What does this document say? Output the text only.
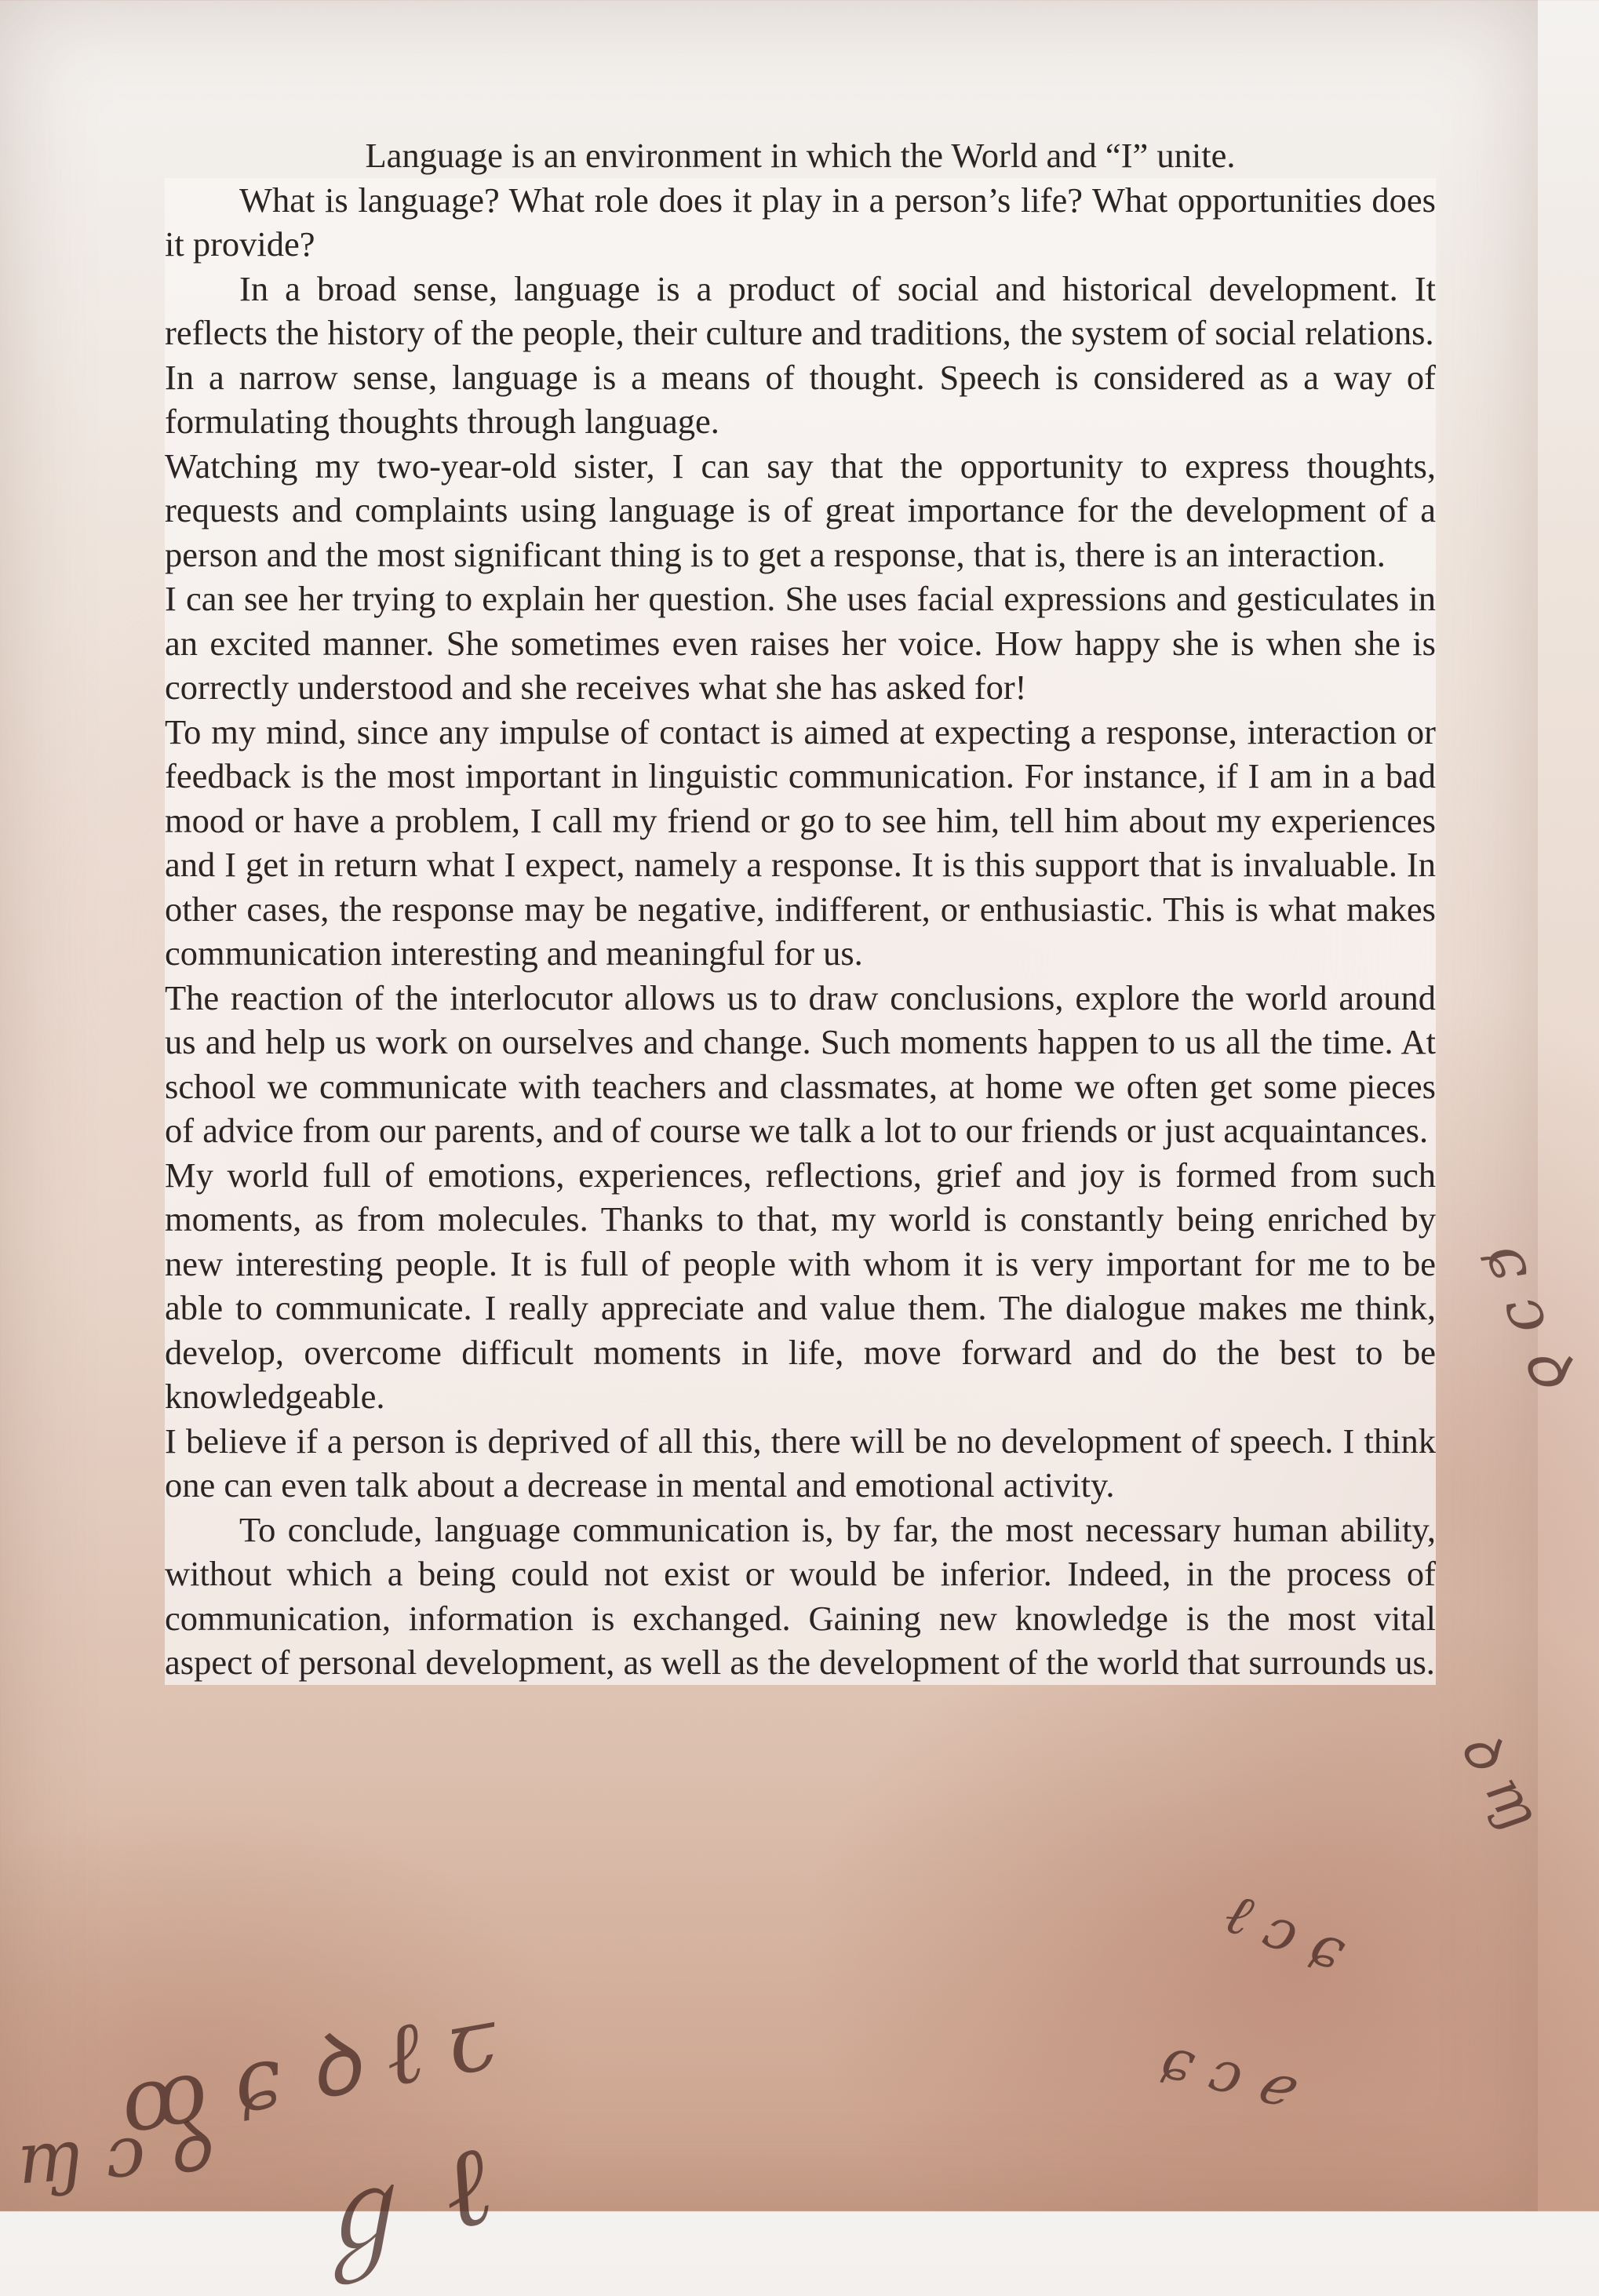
ꝏ ɕ ꝺ ℓ ꞇ
ɱ ɔ ꝺ ℊ ℓ
ℓ ɔ ɕ
ɕ ɔ ℯ
ɕ ɔ ꝺ
ꝺ ɱ

Language is an environment in which the World and “I” unite.

What is language? What role does it play in a person’s life? What opportunities does it provide?

In a broad sense, language is a product of social and historical development. It reflects the history of the people, their culture and traditions, the system of social relations.

In a narrow sense, language is a means of thought. Speech is considered as a way of formulating thoughts through language.

Watching my two-year-old sister, I can say that the opportunity to express thoughts, requests and complaints using language is of great importance for the development of a person and the most significant thing is to get a response, that is, there is an interaction.

I can see her trying to explain her question. She uses facial expressions and gesticulates in an excited manner. She sometimes even raises her voice. How happy she is when she is correctly understood and she receives what she has asked for!

To my mind, since any impulse of contact is aimed at expecting a response, interaction or feedback is the most important in linguistic communication. For instance, if I am in a bad mood or have a problem, I call my friend or go to see him, tell him about my experiences and I get in return what I expect, namely a response. It is this support that is invaluable. In other cases, the response may be negative, indifferent, or enthusiastic. This is what makes communication interesting and meaningful for us.

The reaction of the interlocutor allows us to draw conclusions, explore the world around us and help us work on ourselves and change. Such moments happen to us all the time. At school we communicate with teachers and classmates, at home we often get some pieces of advice from our parents, and of course we talk a lot to our friends or just acquaintances.

My world full of emotions, experiences, reflections, grief and joy is formed from such moments, as from molecules. Thanks to that, my world is constantly being enriched by new interesting people. It is full of people with whom it is very important for me to be able to communicate. I really appreciate and value them. The dialogue makes me think, develop, overcome difficult moments in life, move forward and do the best to be knowledgeable.

I believe if a person is deprived of all this, there will be no development of speech. I think one can even talk about a decrease in mental and emotional activity.

To conclude, language communication is, by far, the most necessary human ability, without which a being could not exist or would be inferior. Indeed, in the process of communication, information is exchanged. Gaining new knowledge is the most vital aspect of personal development, as well as the development of the world that surrounds us.
